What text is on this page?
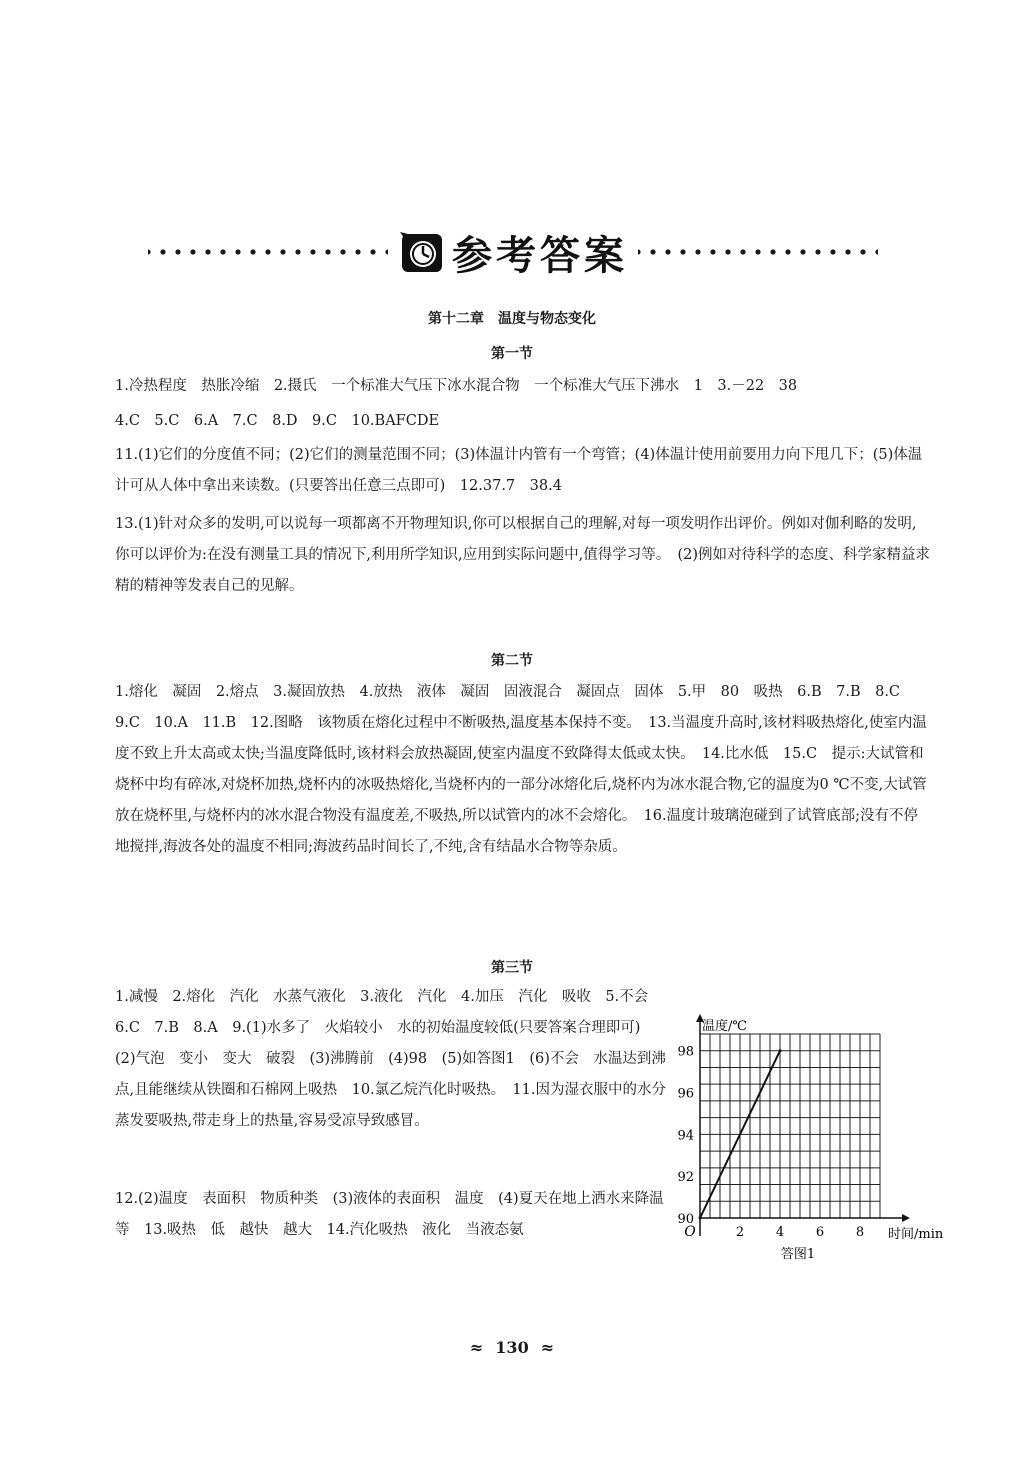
参考答案
第十二章　温度与物态变化
第一节
1.冷热程度　热胀冷缩　2.摄氏　一个标准大气压下冰水混合物　一个标准大气压下沸水　1　3.－22　38
4.C　5.C　6.A　7.C　8.D　9.C　10.BAFCDE
11.(1)它们的分度值不同；(2)它们的测量范围不同；(3)体温计内管有一个弯管；(4)体温计使用前要用力向下甩几下；(5)体温计可从人体中拿出来读数。(只要答出任意三点即可)　12.37.7　38.4
13.(1)针对众多的发明,可以说每一项都离不开物理知识,你可以根据自己的理解,对每一项发明作出评价。例如对伽利略的发明,你可以评价为:在没有测量工具的情况下,利用所学知识,应用到实际问题中,值得学习等。　(2)例如对待科学的态度、科学家精益求精的精神等发表自己的见解。
第二节
1.熔化　凝固　2.熔点　3.凝固放热　4.放热　液体　凝固　固液混合　凝固点　固体　5.甲　80　吸热　6.B　7.B　8.C　9.C　10.A　11.B　12.图略　该物质在熔化过程中不断吸热,温度基本保持不变。　13.当温度升高时,该材料吸热熔化,使室内温度不致上升太高或太快;当温度降低时,该材料会放热凝固,使室内温度不致降得太低或太快。　14.比水低　15.C　提示:大试管和烧杯中均有碎冰,对烧杯加热,烧杯内的冰吸热熔化,当烧杯内的一部分冰熔化后,烧杯内为冰水混合物,它的温度为0 ℃不变,大试管放在烧杯里,与烧杯内的冰水混合物没有温度差,不吸热,所以试管内的冰不会熔化。　16.温度计玻璃泡碰到了试管底部;没有不停地搅拌,海波各处的温度不相同;海波药品时间长了,不纯,含有结晶水合物等杂质。
第三节
1.减慢　2.熔化　汽化　水蒸气液化　3.液化　汽化　4.加压　汽化　吸收　5.不会　6.C　7.B　8.A　9.(1)水多了　火焰较小　水的初始温度较低(只要答案合理即可)　(2)气泡　变小　变大　破裂　(3)沸腾前　(4)98　(5)如答图1　(6)不会　水温达到沸点,且能继续从铁圈和石棉网上吸热　10.氯乙烷汽化时吸热。　11.因为湿衣服中的水分蒸发要吸热,带走身上的热量,容易受凉导致感冒。
12.(2)温度　表面积　物质种类　(3)液体的表面积　温度　(4)夏天在地上洒水来降温等　13.吸热　低　越快　越大　14.汽化吸热　液化　当液态氨
90
92
94
96
98
2 4 6 8
O
温度/℃
时间/min
答图1
≈ 130 ≈
